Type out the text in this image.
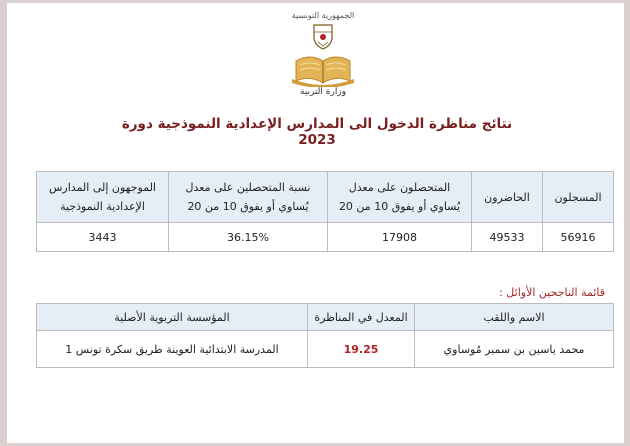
الجمهورية التونسية
وزارة التربية
نتائج مناظرة الدخول الى المدارس الإعدادية النموذجية دورة 2023
المسجلون	الحاضرون	المتحصلون على معدل يُساوي أو يفوق 10 من 20	نسبة المتحصلين على معدل يُساوي أو يفوق 10 من 20	الموجهون إلى المدارس الإعدادية النموذجية
56916	49533	17908	36.15%	3443
قائمة الناجحين الأوائل :
الاسم واللقب	المعدل في المناظرة	المؤسسة التربوية الأصلية
محمد ياسين بن سمير مُوساوي	19.25	المدرسة الابتدائية العوينة طريق سكرة تونس 1
